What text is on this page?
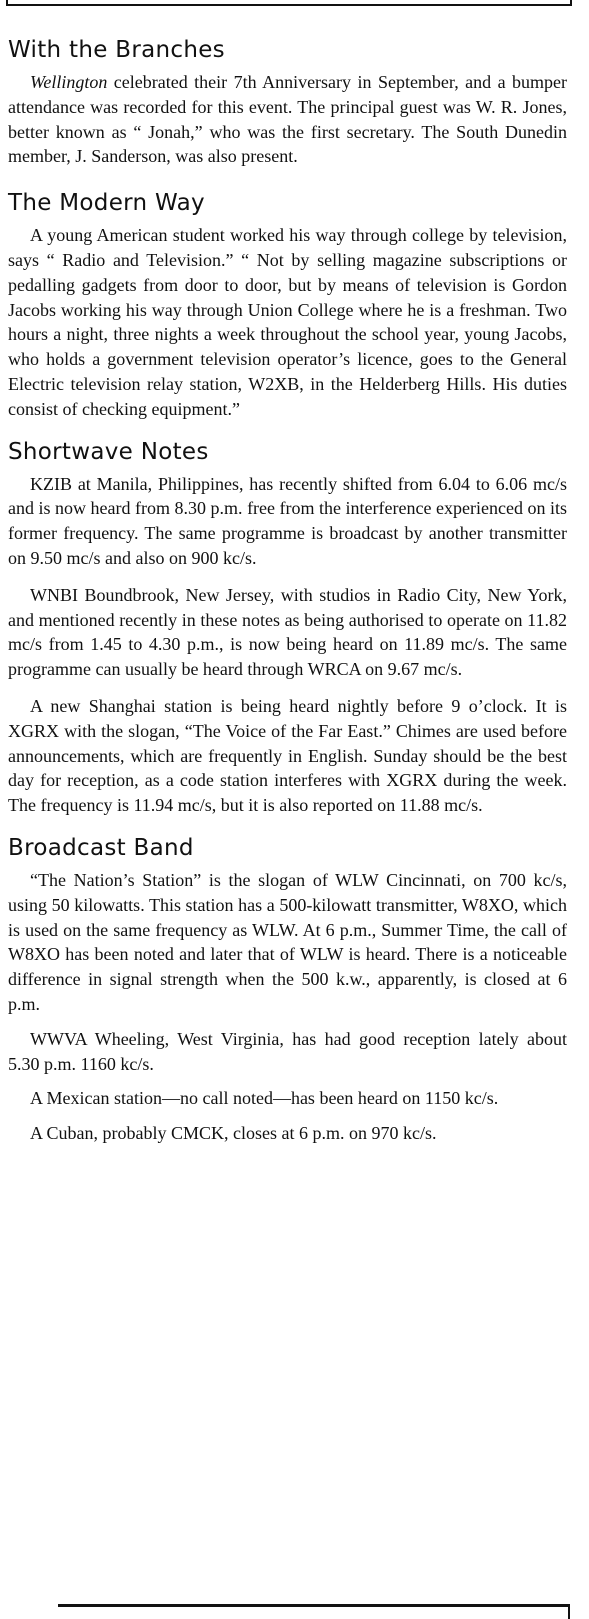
With the Branches

Wellington celebrated their 7th Anniversary in September, and a bumper attendance was recorded for this event. The principal guest was W. R. Jones, better known as “ Jonah,” who was the first secretary. The South Dunedin member, J. Sanderson, was also present.

The Modern Way

A young American student worked his way through college by television, says “ Radio and Television.” “ Not by selling magazine subscriptions or pedalling gadgets from door to door, but by means of television is Gordon Jacobs working his way through Union College where he is a freshman. Two hours a night, three nights a week throughout the school year, young Jacobs, who holds a government television operator’s licence, goes to the General Electric television relay station, W2XB, in the Helderberg Hills. His duties consist of checking equipment.”

Shortwave Notes

KZIB at Manila, Philippines, has recently shifted from 6.04 to 6.06 mc/s and is now heard from 8.30 p.m. free from the interference experienced on its former frequency. The same programme is broadcast by another transmitter on 9.50 mc/s and also on 900 kc/s.

WNBI Boundbrook, New Jersey, with studios in Radio City, New York, and mentioned recently in these notes as being authorised to operate on 11.82 mc/s from 1.45 to 4.30 p.m., is now being heard on 11.89 mc/s. The same programme can usually be heard through WRCA on 9.67 mc/s.

A new Shanghai station is being heard nightly before 9 o’clock. It is XGRX with the slogan, “The Voice of the Far East.” Chimes are used before announcements, which are frequently in English. Sunday should be the best day for reception, as a code station interferes with XGRX during the week. The frequency is 11.94 mc/s, but it is also reported on 11.88 mc/s.

Broadcast Band

“The Nation’s Station” is the slogan of WLW Cincinnati, on 700 kc/s, using 50 kilowatts. This station has a 500-kilowatt transmitter, W8XO, which is used on the same frequency as WLW. At 6 p.m., Summer Time, the call of W8XO has been noted and later that of WLW is heard. There is a noticeable difference in signal strength when the 500 k.w., apparently, is closed at 6 p.m.

WWVA Wheeling, West Virginia, has had good reception lately about 5.30 p.m. 1160 kc/s.

A Mexican station—no call noted—has been heard on 1150 kc/s.

A Cuban, probably CMCK, closes at 6 p.m. on 970 kc/s.
